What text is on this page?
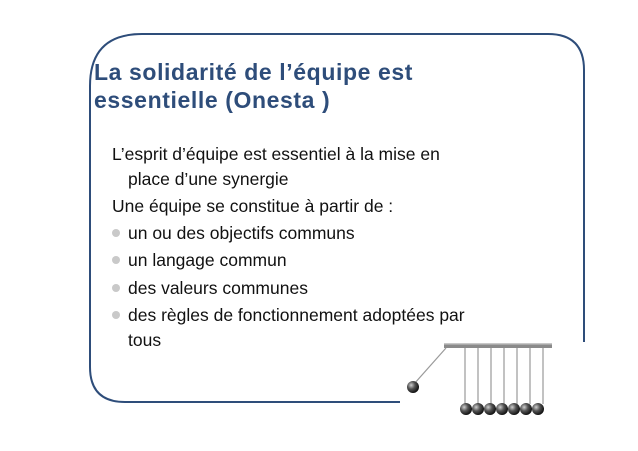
La solidarité de l’équipe est
essentielle (Onesta )
L’esprit d’équipe est essentiel à la mise en
place d’une synergie
Une équipe se constitue à partir de :
un ou des objectifs communs
un langage commun
des valeurs communes
des règles de fonctionnement adoptées par
tous
